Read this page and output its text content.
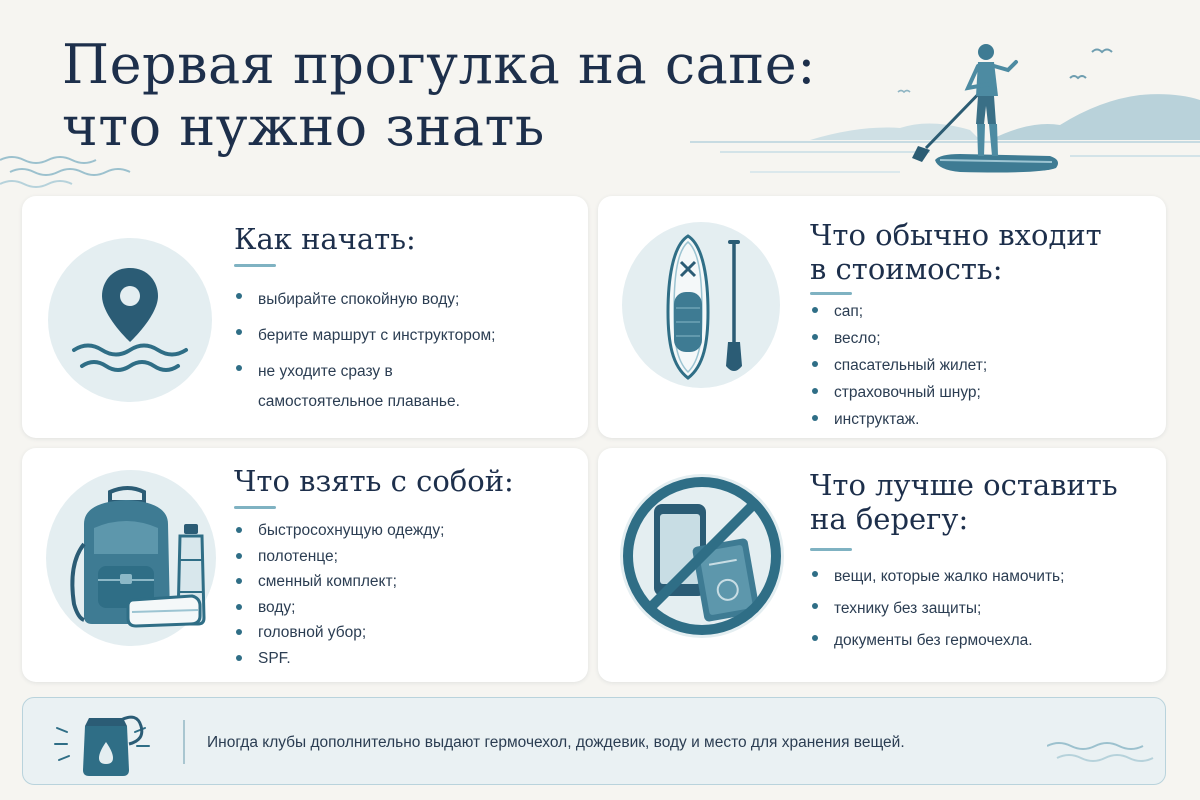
Первая прогулка на сапе:
что нужно знать
Как начать:
выбирайте спокойную воду;
берите маршрут с инструктором;
не уходите сразу в
самостоятельное плаванье.
Что обычно входит
в стоимость:
сап;
весло;
спасательный жилет;
страховочный шнур;
инструктаж.
Что взять с собой:
быстросохнущую одежду;
полотенце;
сменный комплект;
воду;
головной убор;
SPF.
Что лучше оставить
на берегу:
вещи, которые жалко намочить;
технику без защиты;
документы без гермочехла.

Иногда клубы дополнительно выдают гермочехол, дождевик, воду и место для хранения вещей.
